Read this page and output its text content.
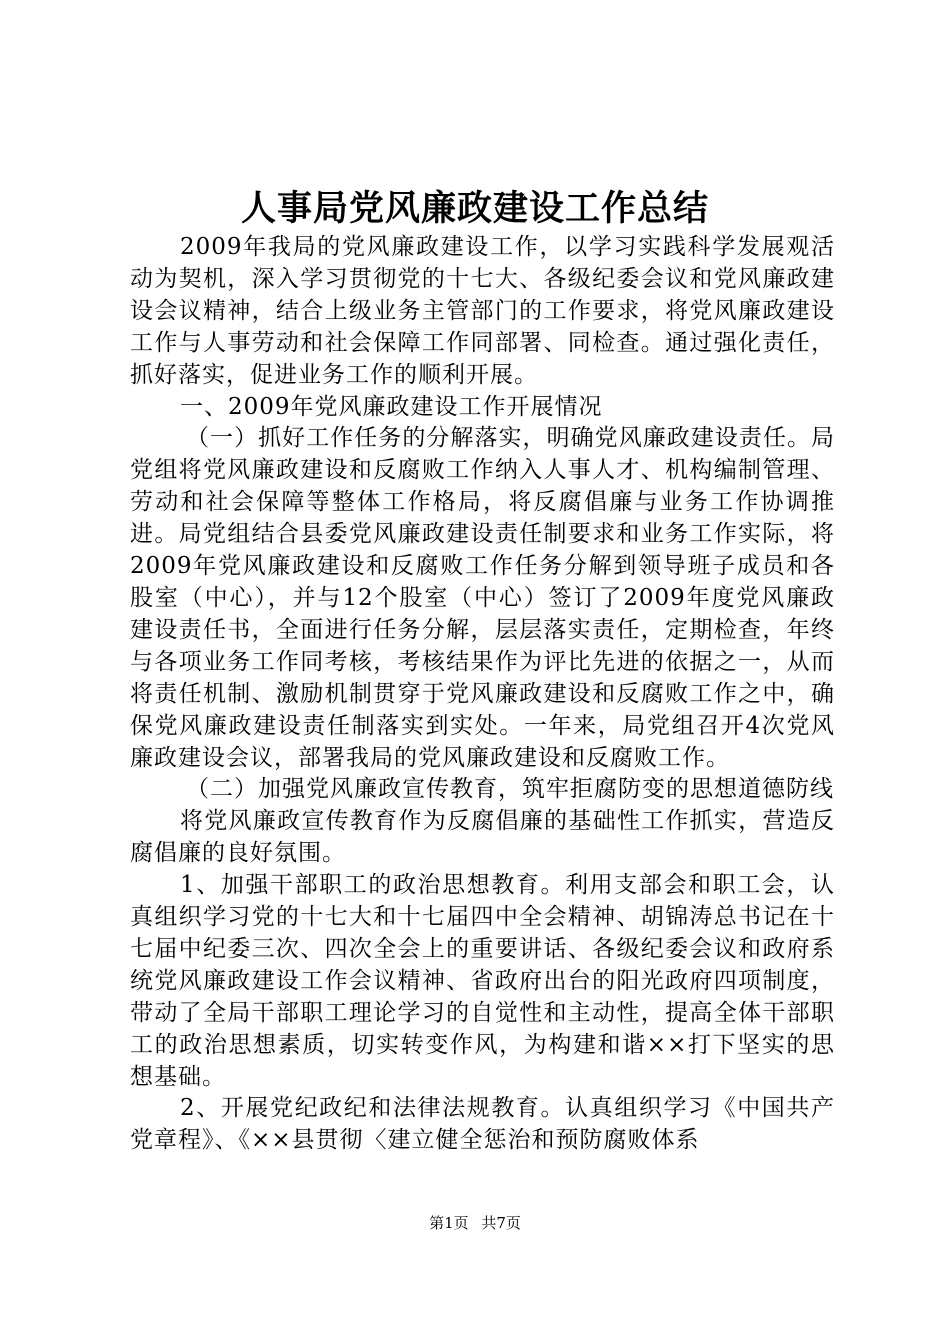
人事局党风廉政建设工作总结

2009年我局的党风廉政建设工作，以学习实践科学发展观活动为契机，深入学习贯彻党的十七大、各级纪委会议和党风廉政建设会议精神，结合上级业务主管部门的工作要求，将党风廉政建设工作与人事劳动和社会保障工作同部署、同检查。通过强化责任，抓好落实，促进业务工作的顺利开展。

一、2009年党风廉政建设工作开展情况

（一）抓好工作任务的分解落实，明确党风廉政建设责任。局党组将党风廉政建设和反腐败工作纳入人事人才、机构编制管理、劳动和社会保障等整体工作格局，将反腐倡廉与业务工作协调推进。局党组结合县委党风廉政建设责任制要求和业务工作实际，将2009年党风廉政建设和反腐败工作任务分解到领导班子成员和各股室（中心），并与12个股室（中心）签订了2009年度党风廉政建设责任书，全面进行任务分解，层层落实责任，定期检查，年终与各项业务工作同考核，考核结果作为评比先进的依据之一，从而将责任机制、激励机制贯穿于党风廉政建设和反腐败工作之中，确保党风廉政建设责任制落实到实处。一年来，局党组召开4次党风廉政建设会议，部署我局的党风廉政建设和反腐败工作。

（二）加强党风廉政宣传教育，筑牢拒腐防变的思想道德防线

将党风廉政宣传教育作为反腐倡廉的基础性工作抓实，营造反腐倡廉的良好氛围。

1、加强干部职工的政治思想教育。利用支部会和职工会，认真组织学习党的十七大和十七届四中全会精神、胡锦涛总书记在十七届中纪委三次、四次全会上的重要讲话、各级纪委会议和政府系统党风廉政建设工作会议精神、省政府出台的阳光政府四项制度，带动了全局干部职工理论学习的自觉性和主动性，提高全体干部职工的政治思想素质，切实转变作风，为构建和谐××打下坚实的思想基础。

2、开展党纪政纪和法律法规教育。认真组织学习《中国共产党章程》、《××县贯彻〈建立健全惩治和预防腐败体系

第1页 共7页
